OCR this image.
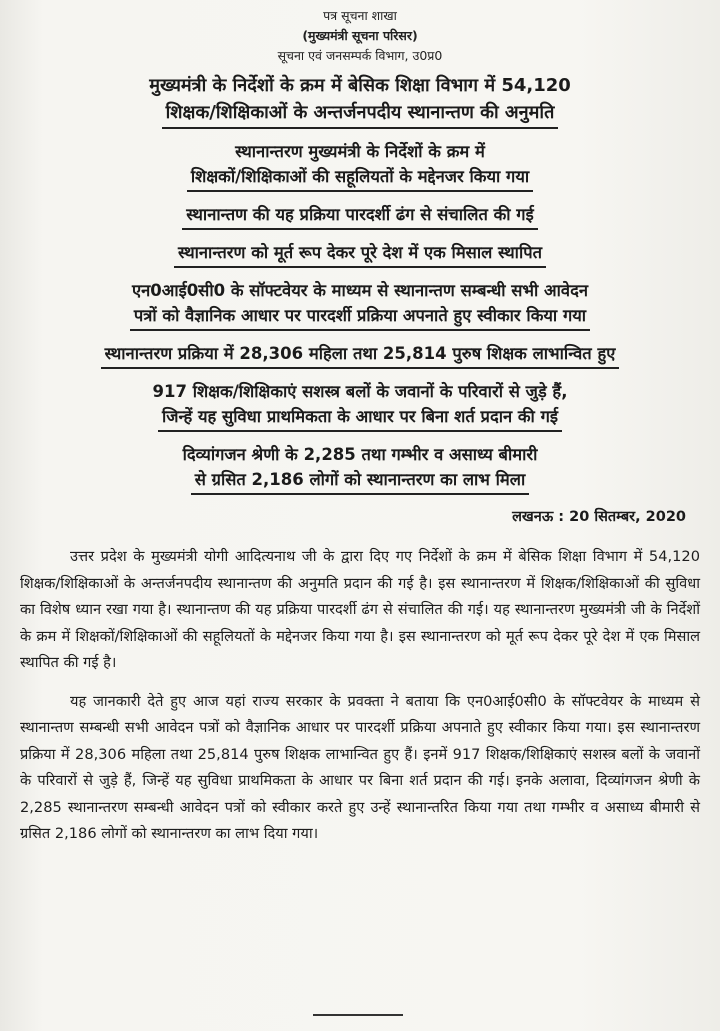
पत्र सूचना शाखा
(मुख्यमंत्री सूचना परिसर)
सूचना एवं जनसम्पर्क विभाग, उ0प्र0

मुख्यमंत्री के निर्देशों के क्रम में बेसिक शिक्षा विभाग में 54,120

शिक्षक/शिक्षिकाओं के अन्तर्जनपदीय स्थानान्तण की अनुमति

स्थानान्तरण मुख्यमंत्री के निर्देशों के क्रम में

शिक्षकों/शिक्षिकाओं की सहूलियतों के मद्देनजर किया गया

स्थानान्तण की यह प्रक्रिया पारदर्शी ढंग से संचालित की गई

स्थानान्तरण को मूर्त रूप देकर पूरे देश में एक मिसाल स्थापित

एन0आई0सी0 के सॉफ्टवेयर के माध्यम से स्थानान्तण सम्बन्धी सभी आवेदन

पत्रों को वैज्ञानिक आधार पर पारदर्शी प्रक्रिया अपनाते हुए स्वीकार किया गया

स्थानान्तरण प्रक्रिया में 28,306 महिला तथा 25,814 पुरुष शिक्षक लाभान्वित हुए

917 शिक्षक/शिक्षिकाएं सशस्त्र बलों के जवानों के परिवारों से जुड़े हैं,

जिन्हें यह सुविधा प्राथमिकता के आधार पर बिना शर्त प्रदान की गई

दिव्यांगजन श्रेणी के 2,285 तथा गम्भीर व असाध्य बीमारी

से ग्रसित 2,186 लोगों को स्थानान्तरण का लाभ मिला

लखनऊ : 20 सितम्बर, 2020

उत्तर प्रदेश के मुख्यमंत्री योगी आदित्यनाथ जी के द्वारा दिए गए निर्देशों के क्रम में बेसिक शिक्षा विभाग में 54,120 शिक्षक/शिक्षिकाओं के अन्तर्जनपदीय स्थानान्तण की अनुमति प्रदान की गई है। इस स्थानान्तरण में शिक्षक/शिक्षिकाओं की सुविधा का विशेष ध्यान रखा गया है। स्थानान्तण की यह प्रक्रिया पारदर्शी ढंग से संचालित की गई। यह स्थानान्तरण मुख्यमंत्री जी के निर्देशों के क्रम में शिक्षकों/शिक्षिकाओं की सहूलियतों के मद्देनजर किया गया है। इस स्थानान्तरण को मूर्त रूप देकर पूरे देश में एक मिसाल स्थापित की गई है।

यह जानकारी देते हुए आज यहां राज्य सरकार के प्रवक्ता ने बताया कि एन0आई0सी0 के सॉफ्टवेयर के माध्यम से स्थानान्तण सम्बन्धी सभी आवेदन पत्रों को वैज्ञानिक आधार पर पारदर्शी प्रक्रिया अपनाते हुए स्वीकार किया गया। इस स्थानान्तरण प्रक्रिया में 28,306 महिला तथा 25,814 पुरुष शिक्षक लाभान्वित हुए हैं। इनमें 917 शिक्षक/शिक्षिकाएं सशस्त्र बलों के जवानों के परिवारों से जुड़े हैं, जिन्हें यह सुविधा प्राथमिकता के आधार पर बिना शर्त प्रदान की गई। इनके अलावा, दिव्यांगजन श्रेणी के 2,285 स्थानान्तरण सम्बन्धी आवेदन पत्रों को स्वीकार करते हुए उन्हें स्थानान्तरित किया गया तथा गम्भीर व असाध्य बीमारी से ग्रसित 2,186 लोगों को स्थानान्तरण का लाभ दिया गया।
